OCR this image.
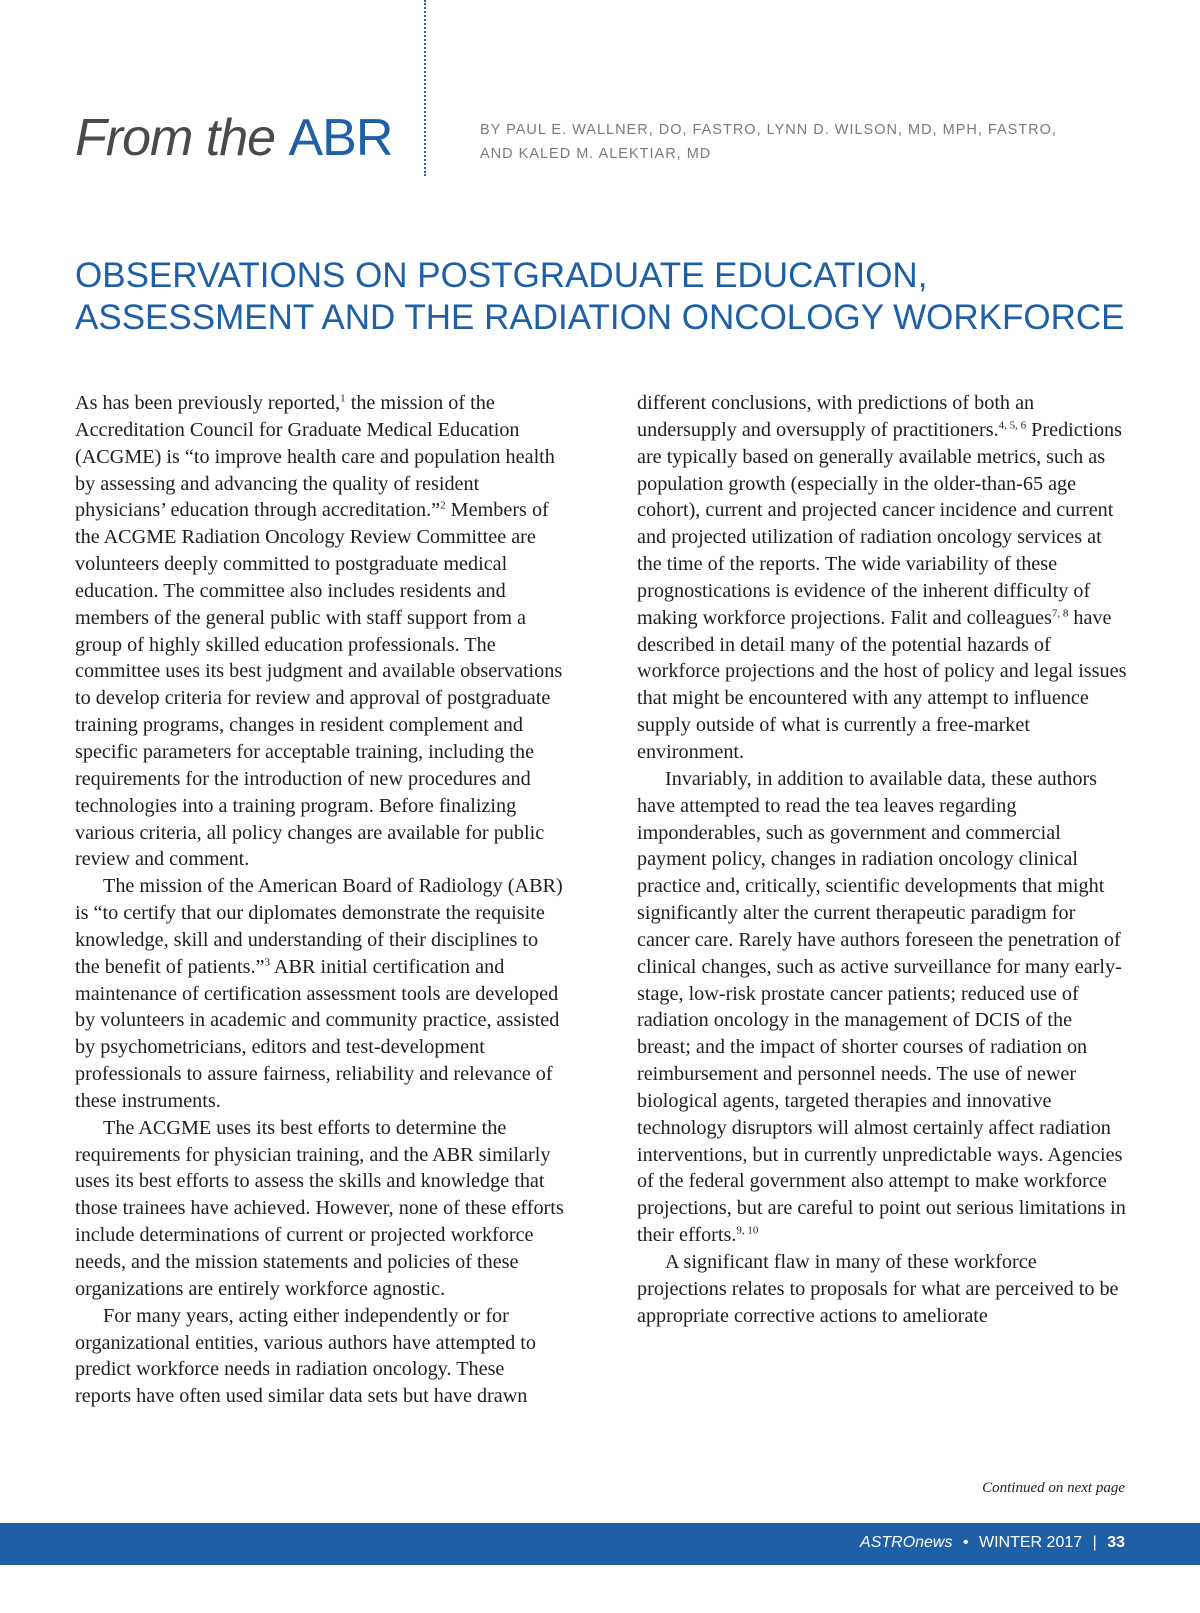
From the ABR	BY PAUL E. WALLNER, DO, FASTRO, LYNN D. WILSON, MD, MPH, FASTRO,
AND KALED M. ALEKTIAR, MD
OBSERVATIONS ON POSTGRADUATE EDUCATION,
ASSESSMENT AND THE RADIATION ONCOLOGY WORKFORCE

As has been previously reported,$^1$ the mission of the Accreditation Council for Graduate Medical Education (ACGME) is “to improve health care and population health by assessing and advancing the quality of resident physicians’ education through accreditation.”$^2$ Members of the ACGME Radiation Oncology Review Committee are volunteers deeply committed to postgraduate medical education. The committee also includes residents and members of the general public with staff support from a group of highly skilled education professionals. The committee uses its best judgment and available observations to develop criteria for review and approval of postgraduate training programs, changes in resident complement and specific parameters for acceptable training, including the requirements for the introduction of new procedures and technologies into a training program. Before finalizing various criteria, all policy changes are available for public review and comment.

The mission of the American Board of Radiology (ABR) is “to certify that our diplomates demonstrate the requisite knowledge, skill and understanding of their disciplines to the benefit of patients.”$^3$ ABR initial certification and maintenance of certification assessment tools are developed by volunteers in academic and community practice, assisted by psychometricians, editors and test-development professionals to assure fairness, reliability and relevance of these instruments.

The ACGME uses its best efforts to determine the requirements for physician training, and the ABR similarly uses its best efforts to assess the skills and knowledge that those trainees have achieved. However, none of these efforts include determinations of current or projected workforce needs, and the mission statements and policies of these organizations are entirely workforce agnostic.

For many years, acting either independently or for organizational entities, various authors have attempted to predict workforce needs in radiation oncology. These reports have often used similar data sets but have drawn

different conclusions, with predictions of both an undersupply and oversupply of practitioners.$^{4, 5, 6}$ Predictions are typically based on generally available metrics, such as population growth (especially in the older-than-65 age cohort), current and projected cancer incidence and current and projected utilization of radiation oncology services at the time of the reports. The wide variability of these prognostications is evidence of the inherent difficulty of making workforce projections. Falit and colleagues$^{7, 8}$ have described in detail many of the potential hazards of workforce projections and the host of policy and legal issues that might be encountered with any attempt to influence supply outside of what is currently a free-market environment.

Invariably, in addition to available data, these authors have attempted to read the tea leaves regarding imponderables, such as government and commercial payment policy, changes in radiation oncology clinical practice and, critically, scientific developments that might significantly alter the current therapeutic paradigm for cancer care. Rarely have authors foreseen the penetration of clinical changes, such as active surveillance for many early-stage, low-risk prostate cancer patients; reduced use of radiation oncology in the management of DCIS of the breast; and the impact of shorter courses of radiation on reimbursement and personnel needs. The use of newer biological agents, targeted therapies and innovative technology disruptors will almost certainly affect radiation interventions, but in currently unpredictable ways. Agencies of the federal government also attempt to make workforce projections, but are careful to point out serious limitations in their efforts.$^{9, 10}$

A significant flaw in many of these workforce projections relates to proposals for what are perceived to be appropriate corrective actions to ameliorate

Continued on next page
ASTROnews • WINTER 2017 | 33
